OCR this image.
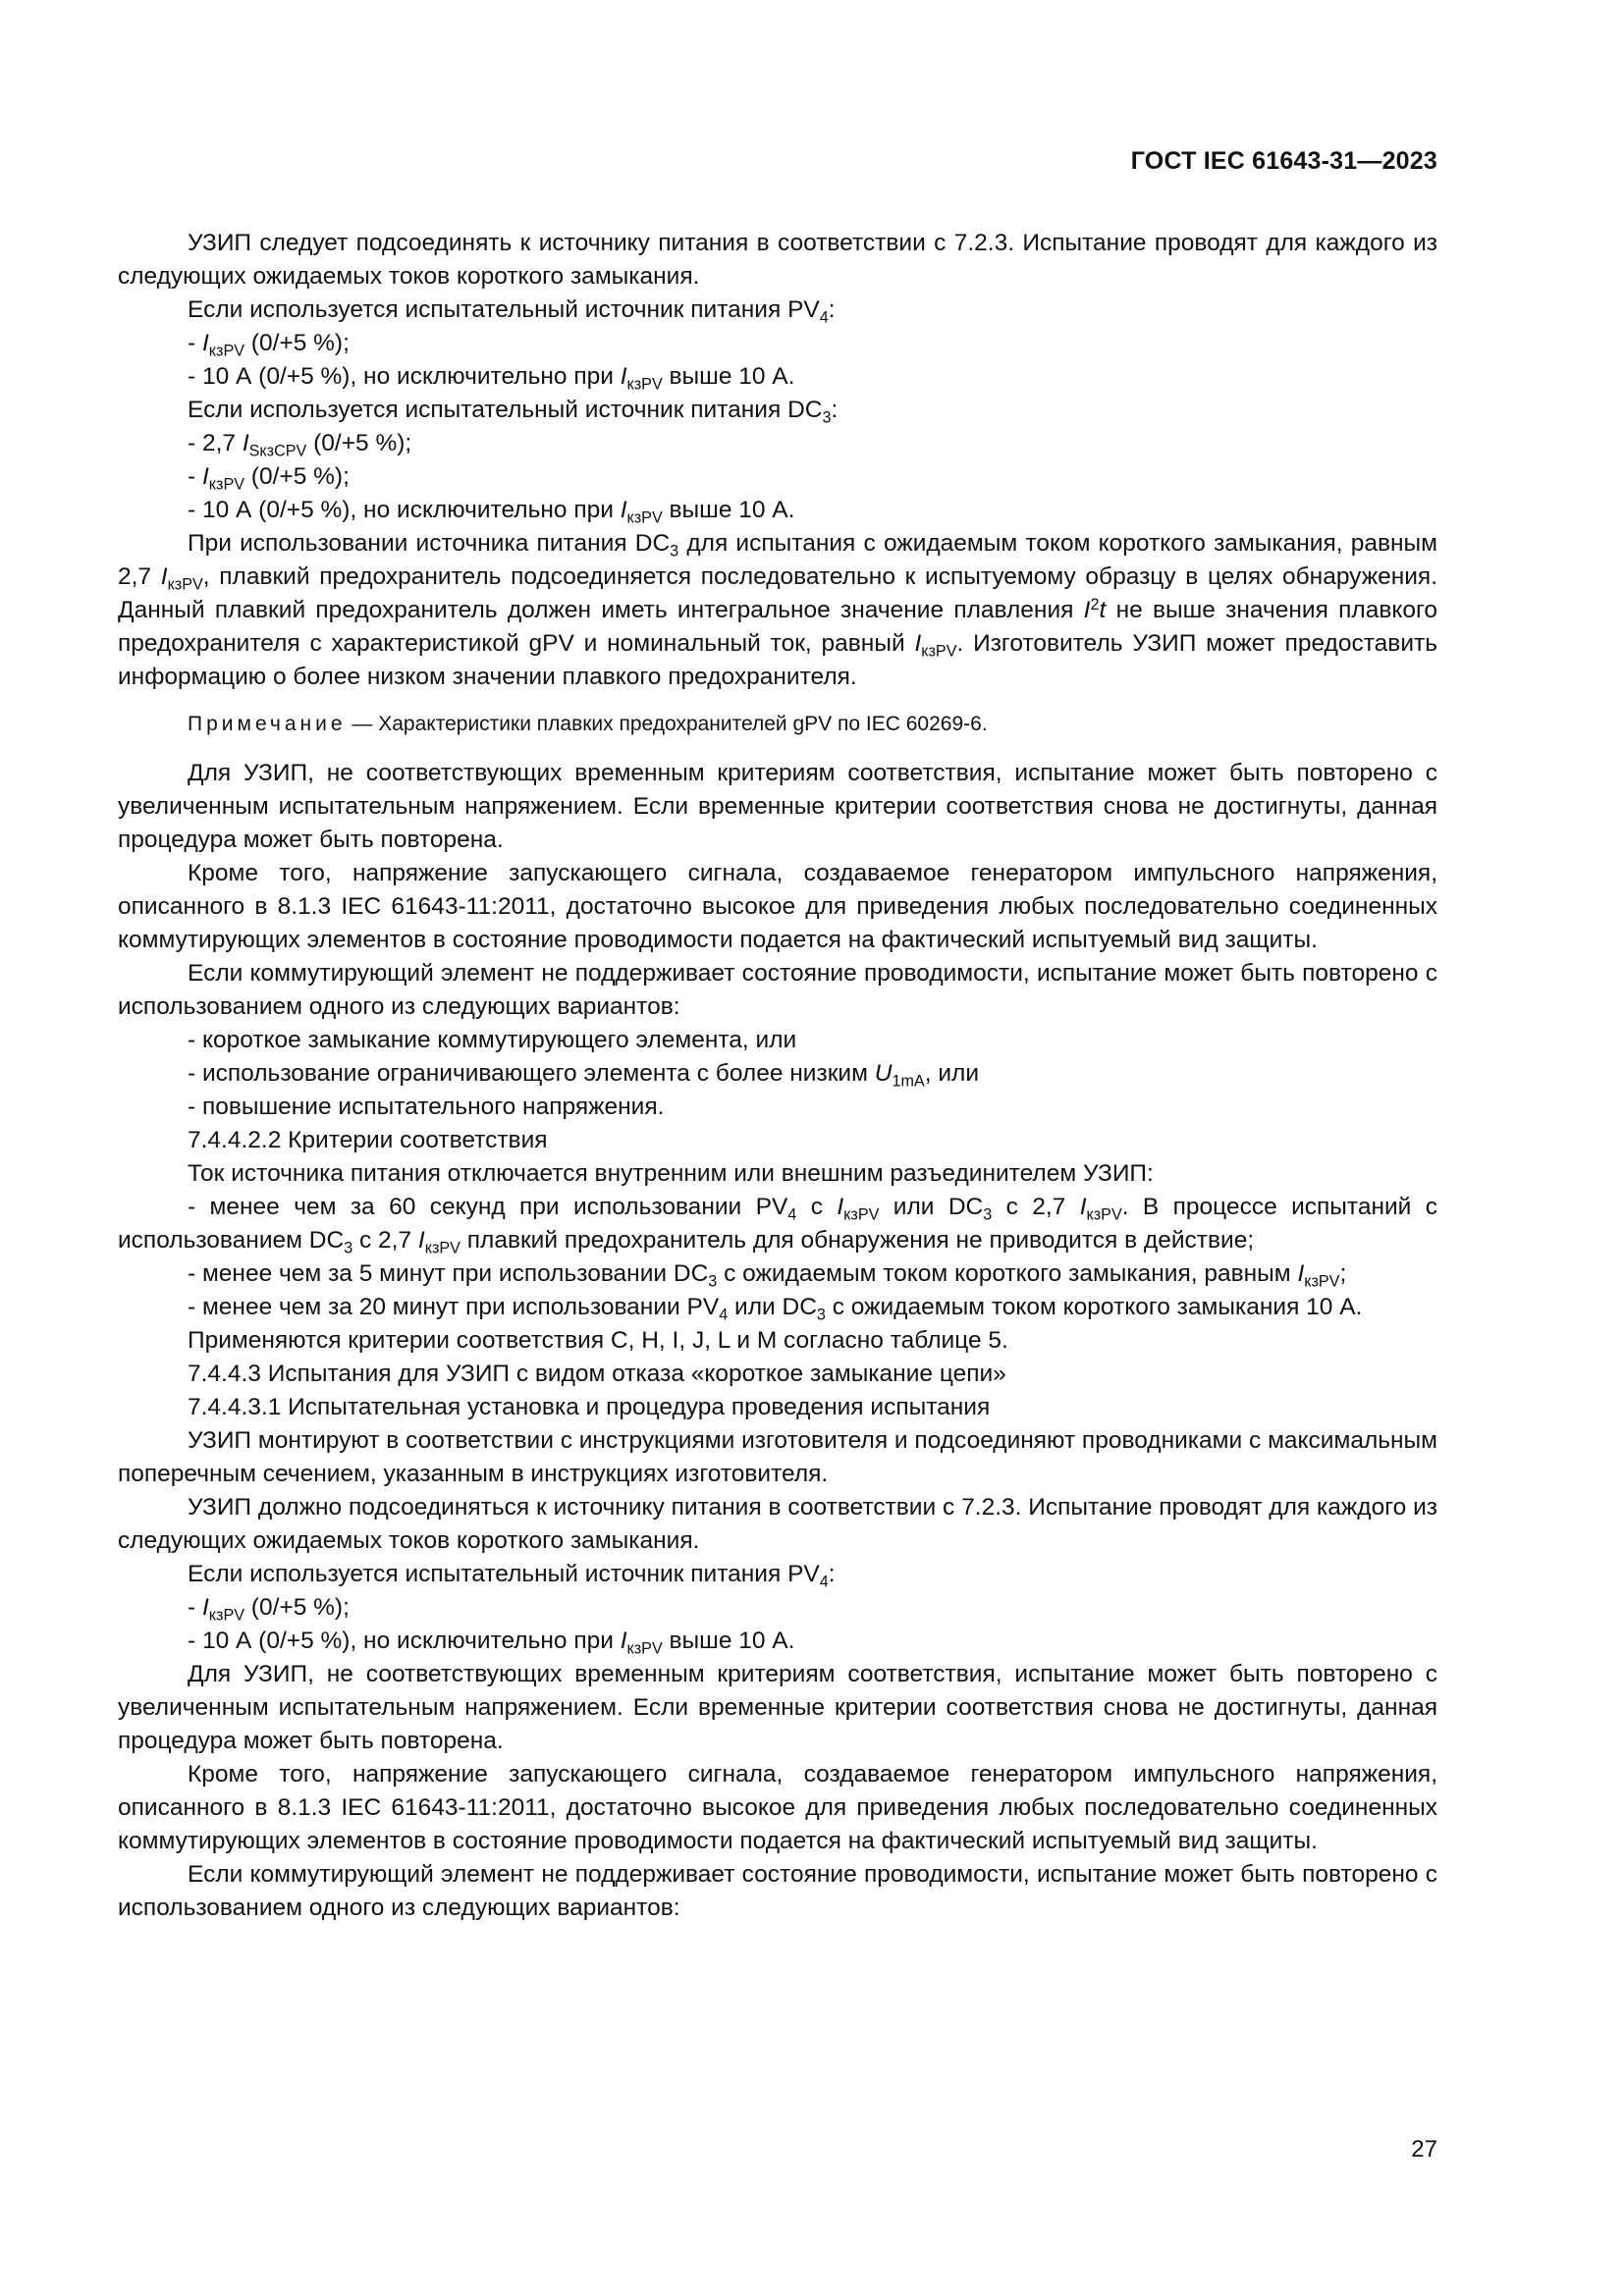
ГОСТ IEC 61643-31—2023

УЗИП следует подсоединять к источнику питания в соответствии с 7.2.3. Испытание проводят для каждого из следующих ожидаемых токов короткого замыкания.

Если используется испытательный источник питания $PV_4$:

- $I_{кзPV}$ (0/+5 %);

- 10 А (0/+5 %), но исключительно при $I_{кзPV}$ выше 10 А.

Если используется испытательный источник питания $DC_3$:

- 2,7 $I_{SкзCPV}$ (0/+5 %);

- $I_{кзPV}$ (0/+5 %);

- 10 А (0/+5 %), но исключительно при $I_{кзPV}$ выше 10 А.

При использовании источника питания $DC_3$ для испытания с ожидаемым током короткого замыкания, равным 2,7 $I_{кзPV}$, плавкий предохранитель подсоединяется последовательно к испытуемому образцу в целях обнаружения. Данный плавкий предохранитель должен иметь интегральное значение плавления $I^2t$ не выше значения плавкого предохранителя с характеристикой gPV и номинальный ток, равный $I_{кзPV}$. Изготовитель УЗИП может предоставить информацию о более низком значении плавкого предохранителя.

Примечание — Характеристики плавких предохранителей gPV по IEC 60269-6.

Для УЗИП, не соответствующих временным критериям соответствия, испытание может быть повторено с увеличенным испытательным напряжением. Если временные критерии соответствия снова не достигнуты, данная процедура может быть повторена.

Кроме того, напряжение запускающего сигнала, создаваемое генератором импульсного напряжения, описанного в 8.1.3 IEC 61643-11:2011, достаточно высокое для приведения любых последовательно соединенных коммутирующих элементов в состояние проводимости подается на фактический испытуемый вид защиты.

Если коммутирующий элемент не поддерживает состояние проводимости, испытание может быть повторено с использованием одного из следующих вариантов:

- короткое замыкание коммутирующего элемента, или

- использование ограничивающего элемента с более низким $U_{1mA}$, или

- повышение испытательного напряжения.

7.4.4.2.2 Критерии соответствия

Ток источника питания отключается внутренним или внешним разъединителем УЗИП:

- менее чем за 60 секунд при использовании $PV_4$ с $I_{кзPV}$ или $DC_3$ с 2,7 $I_{кзPV}$. В процессе испытаний с использованием $DC_3$ с 2,7 $I_{кзPV}$ плавкий предохранитель для обнаружения не приводится в действие;

- менее чем за 5 минут при использовании $DC_3$ с ожидаемым током короткого замыкания, равным $I_{кзPV}$;

- менее чем за 20 минут при использовании $PV_4$ или $DC_3$ с ожидаемым током короткого замыкания 10 А.

Применяются критерии соответствия C, H, I, J, L и M согласно таблице 5.

7.4.4.3 Испытания для УЗИП с видом отказа «короткое замыкание цепи»

7.4.4.3.1 Испытательная установка и процедура проведения испытания

УЗИП монтируют в соответствии с инструкциями изготовителя и подсоединяют проводниками с максимальным поперечным сечением, указанным в инструкциях изготовителя.

УЗИП должно подсоединяться к источнику питания в соответствии с 7.2.3. Испытание проводят для каждого из следующих ожидаемых токов короткого замыкания.

Если используется испытательный источник питания $PV_4$:

- $I_{кзPV}$ (0/+5 %);

- 10 А (0/+5 %), но исключительно при $I_{кзPV}$ выше 10 А.

Для УЗИП, не соответствующих временным критериям соответствия, испытание может быть повторено с увеличенным испытательным напряжением. Если временные критерии соответствия снова не достигнуты, данная процедура может быть повторена.

Кроме того, напряжение запускающего сигнала, создаваемое генератором импульсного напряжения, описанного в 8.1.3 IEC 61643-11:2011, достаточно высокое для приведения любых последовательно соединенных коммутирующих элементов в состояние проводимости подается на фактический испытуемый вид защиты.

Если коммутирующий элемент не поддерживает состояние проводимости, испытание может быть повторено с использованием одного из следующих вариантов:

27
